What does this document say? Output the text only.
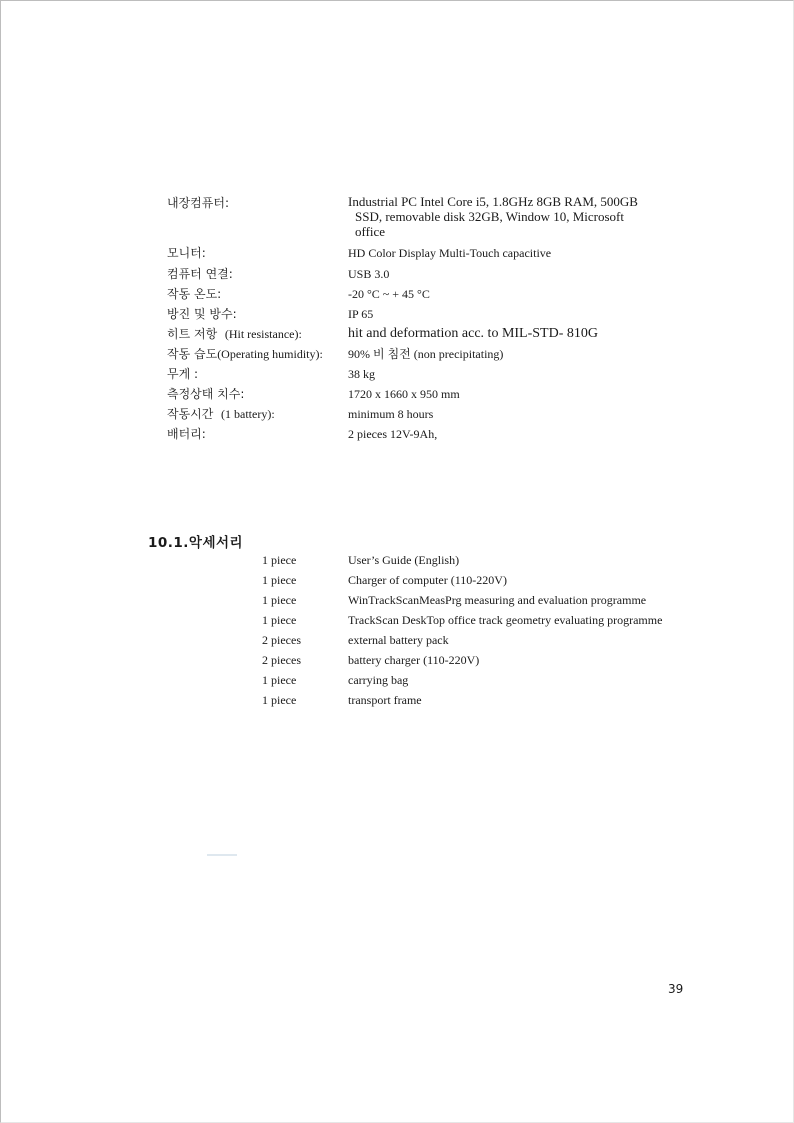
내장컴퓨터:	Industrial PC Intel Core i5, 1.8GHz 8GB RAM, 500GB

SSD, removable disk 32GB, Window 10, Microsoft
office
모니터:	HD Color Display Multi-Touch capacitive
컴퓨터 연결:	USB 3.0
작동 온도:	-20 °C ~ + 45 °C
방진 및 방수:	IP 65
히트 저항 (Hit resistance):	hit and deformation acc. to MIL-STD- 810G
작동 습도(Operating humidity):	90% 비 침전 (non precipitating)
무게 :	38 kg
측정상태 치수:	1720 x 1660 x 950 mm
작동시간 (1 battery):	minimum 8 hours
배터리:	2 pieces 12V-9Ah,
10.1.악세서리
1 piece	User’s Guide (English)
1 piece	Charger of computer (110-220V)
1 piece	WinTrackScanMeasPrg measuring and evaluation programme
1 piece	TrackScan DeskTop office track geometry evaluating programme
2 pieces	external battery pack
2 pieces	battery charger (110-220V)
1 piece	carrying bag
1 piece	transport frame
39
